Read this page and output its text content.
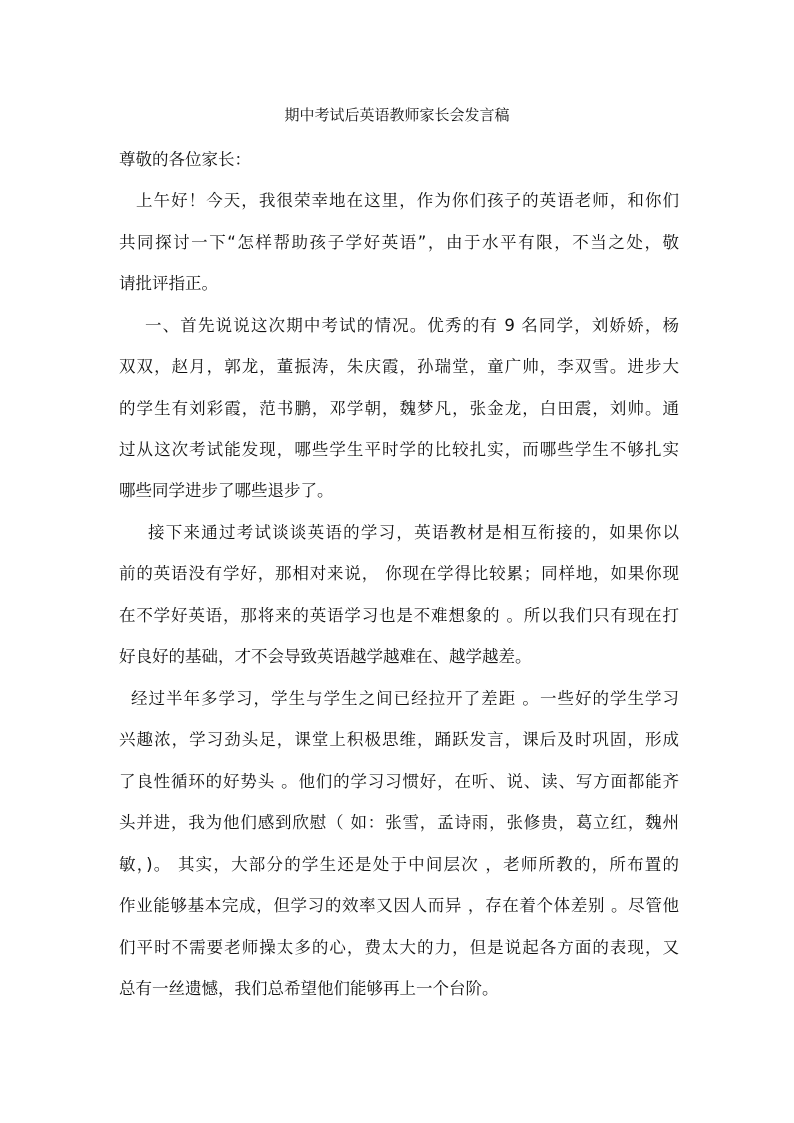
期中考试后英语教师家长会发言稿

尊敬的各位家长：

上午好！今天，我很荣幸地在这里，作为你们孩子的英语老师，和你们

共同探讨一下“怎样帮助孩子学好英语”，由于水平有限，不当之处，敬

请批评指正。

一、首先说说这次期中考试的情况。优秀的有 9 名同学，刘娇娇，杨

双双，赵月，郭龙，董振涛，朱庆霞，孙瑞堂，童广帅，李双雪。进步大

的学生有刘彩霞，范书鹏，邓学朝，魏梦凡，张金龙，白田震，刘帅。通

过从这次考试能发现，哪些学生平时学的比较扎实，而哪些学生不够扎实

哪些同学进步了哪些退步了。

接下来通过考试谈谈英语的学习，英语教材是相互衔接的，如果你以

前的英语没有学好，那相对来说， 你现在学得比较累；同样地，如果你现

在不学好英语，那将来的英语学习也是不难想象的 。所以我们只有现在打

好良好的基础，才不会导致英语越学越难在、越学越差。

经过半年多学习，学生与学生之间已经拉开了差距 。一些好的学生学习

兴趣浓，学习劲头足，课堂上积极思维，踊跃发言，课后及时巩固，形成

了良性循环的好势头 。他们的学习习惯好，在听、说、读、写方面都能齐

头并进，我为他们感到欣慰（ 如：张雪，孟诗雨，张修贵，葛立红，魏州

敏，)。 其实，大部分的学生还是处于中间层次 ，老师所教的，所布置的

作业能够基本完成，但学习的效率又因人而异 ，存在着个体差别 。尽管他

们平时不需要老师操太多的心，费太大的力，但是说起各方面的表现，又

总有一丝遗憾，我们总希望他们能够再上一个台阶。
